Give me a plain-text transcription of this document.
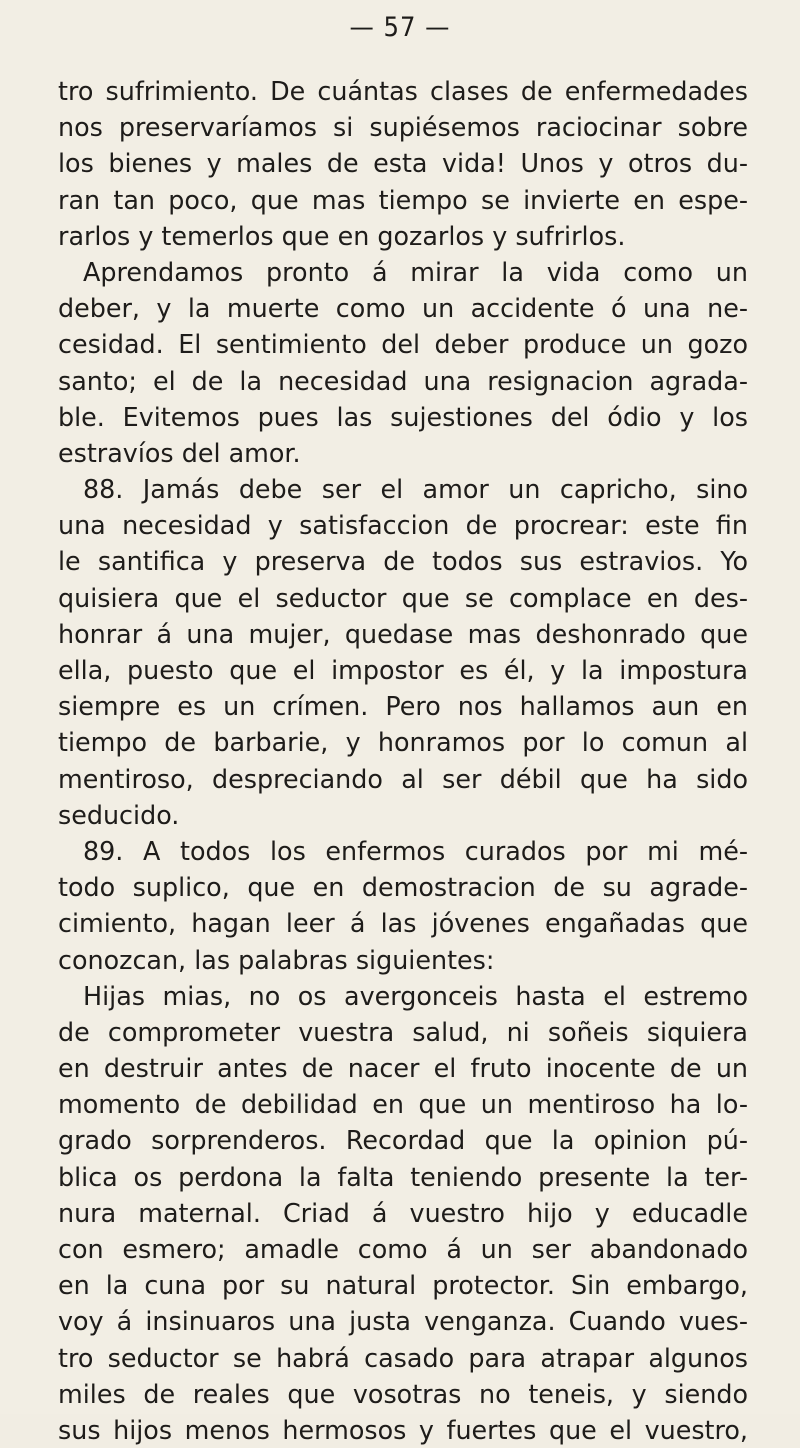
— 57 —
tro sufrimiento. De cuántas clases de enfermedades
nos preservaríamos si supiésemos raciocinar sobre
los bienes y males de esta vida! Unos y otros du-
ran tan poco, que mas tiempo se invierte en espe-
rarlos y temerlos que en gozarlos y sufrirlos.
Aprendamos pronto á mirar la vida como un
deber, y la muerte como un accidente ó una ne-
cesidad. El sentimiento del deber produce un gozo
santo; el de la necesidad una resignacion agrada-
ble. Evitemos pues las sujestiones del ódio y los
estravíos del amor.
88. Jamás debe ser el amor un capricho, sino
una necesidad y satisfaccion de procrear: este fin
le santifica y preserva de todos sus estravios. Yo
quisiera que el seductor que se complace en des-
honrar á una mujer, quedase mas deshonrado que
ella, puesto que el impostor es él, y la impostura
siempre es un crímen. Pero nos hallamos aun en
tiempo de barbarie, y honramos por lo comun al
mentiroso, despreciando al ser débil que ha sido
seducido.
89. A todos los enfermos curados por mi mé-
todo suplico, que en demostracion de su agrade-
cimiento, hagan leer á las jóvenes engañadas que
conozcan, las palabras siguientes:
Hijas mias, no os avergonceis hasta el estremo
de comprometer vuestra salud, ni soñeis siquiera
en destruir antes de nacer el fruto inocente de un
momento de debilidad en que un mentiroso ha lo-
grado sorprenderos. Recordad que la opinion pú-
blica os perdona la falta teniendo presente la ter-
nura maternal. Criad á vuestro hijo y educadle
con esmero; amadle como á un ser abandonado
en la cuna por su natural protector. Sin embargo,
voy á insinuaros una justa venganza. Cuando vues-
tro seductor se habrá casado para atrapar algunos
miles de reales que vosotras no teneis, y siendo
sus hijos menos hermosos y fuertes que el vuestro,
